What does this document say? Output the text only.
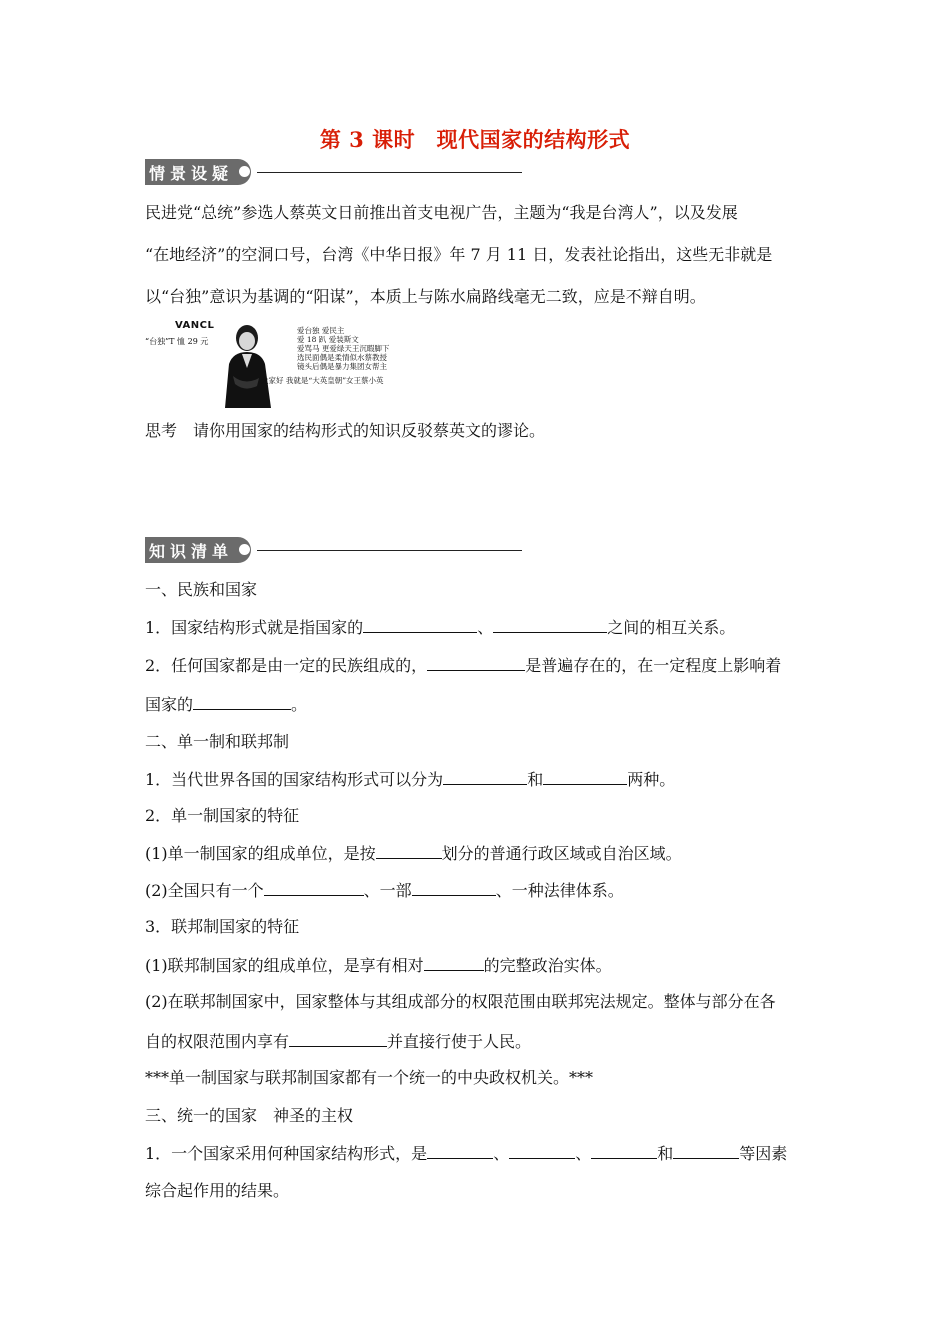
第 3 课时　现代国家的结构形式
情景设疑
民进党“总统”参选人蔡英文日前推出首支电视广告，主题为“我是台湾人”，以及发展
“在地经济”的空洞口号，台湾《中华日报》年 7 月 11 日，发表社论指出，这些无非就是
以“台独”意识为基调的“阳谋”，本质上与陈水扁路线毫无二致，应是不辩自明。
VANCL
“台独”T 恤 29 元
爱台独 爱民主
爱 18 趴 爱装斯文
爱骂马 更爱绿天王沉暇脚下
选民面偶是柔情似水蔡教授
镜头后偶是暴力集团女帮主
大家好 我就是“大英皇朝”女王蔡小英
思考　请你用国家的结构形式的知识反驳蔡英文的谬论。
知识清单
一、民族和国家
1．国家结构形式就是指国家的	、	之间的相互关系。
2．任何国家都是由一定的民族组成的，	是普遍存在的，在一定程度上影响着
国家的	。
二、单一制和联邦制
1．当代世界各国的国家结构形式可以分为	和	两种。
2．单一制国家的特征
(1)单一制国家的组成单位，是按	划分的普通行政区域或自治区域。
(2)全国只有一个	、一部	、一种法律体系。
3．联邦制国家的特征
(1)联邦制国家的组成单位，是享有相对	的完整政治实体。
(2)在联邦制国家中，国家整体与其组成部分的权限范围由联邦宪法规定。整体与部分在各
自的权限范围内享有	并直接行使于人民。
***单一制国家与联邦制国家都有一个统一的中央政权机关。***
三、统一的国家　神圣的主权
1．一个国家采用何种国家结构形式，是	、	、	和	等因素
综合起作用的结果。
